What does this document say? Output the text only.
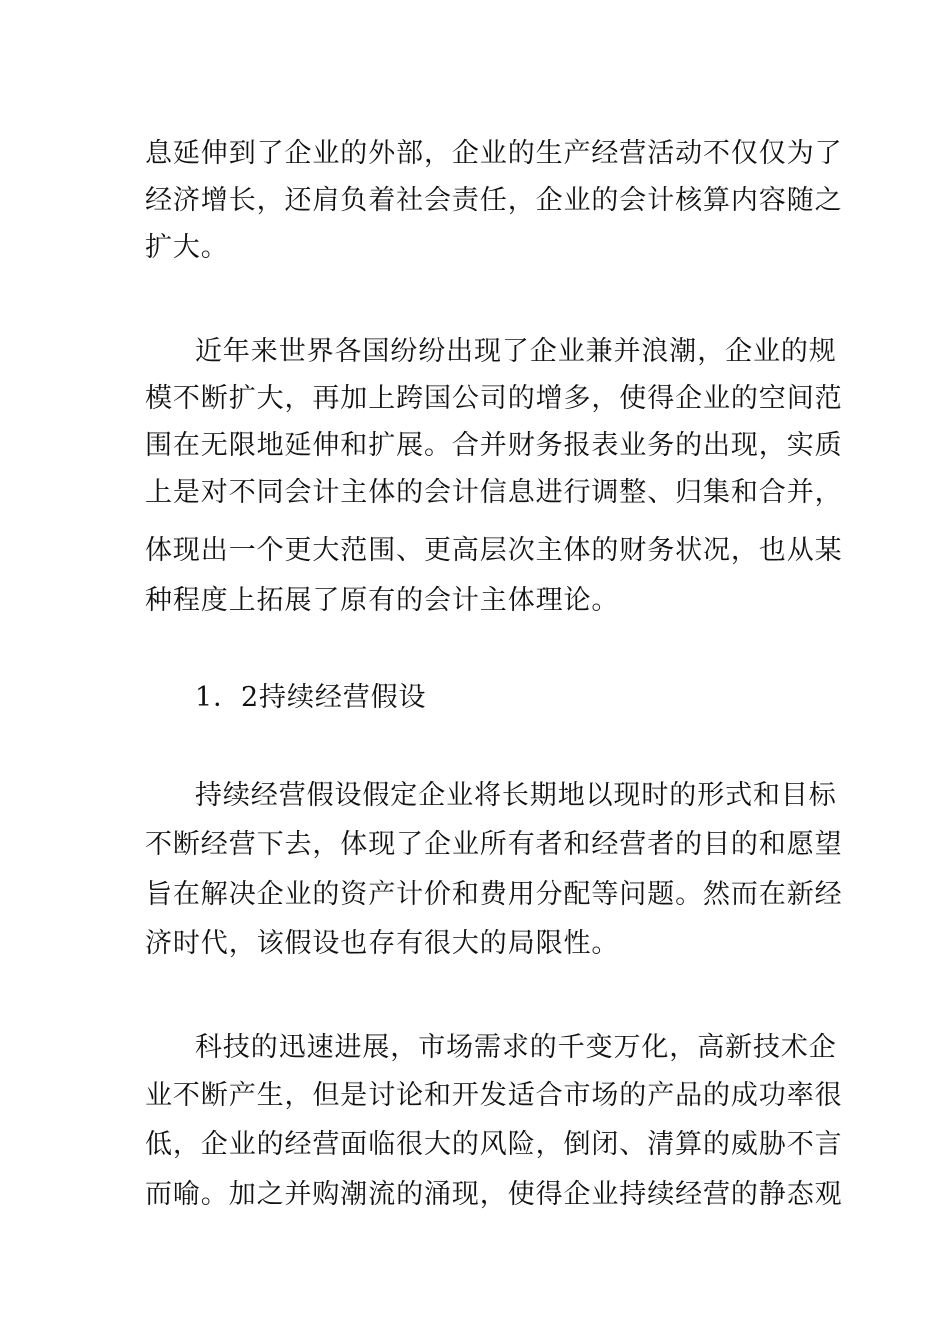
息延伸到了企业的外部，企业的生产经营活动不仅仅为了
经济增长，还肩负着社会责任，企业的会计核算内容随之
扩大。
近年来世界各国纷纷出现了企业兼并浪潮，企业的规
模不断扩大，再加上跨国公司的增多，使得企业的空间范
围在无限地延伸和扩展。合并财务报表业务的出现，实质
上是对不同会计主体的会计信息进行调整、归集和合并，
体现出一个更大范围、更高层次主体的财务状况，也从某
种程度上拓展了原有的会计主体理论。
1．2持续经营假设
持续经营假设假定企业将长期地以现时的形式和目标
不断经营下去，体现了企业所有者和经营者的目的和愿望
旨在解决企业的资产计价和费用分配等问题。然而在新经
济时代，该假设也存有很大的局限性。
科技的迅速进展，市场需求的千变万化，高新技术企
业不断产生，但是讨论和开发适合市场的产品的成功率很
低，企业的经营面临很大的风险，倒闭、清算的威胁不言
而喻。加之并购潮流的涌现，使得企业持续经营的静态观
